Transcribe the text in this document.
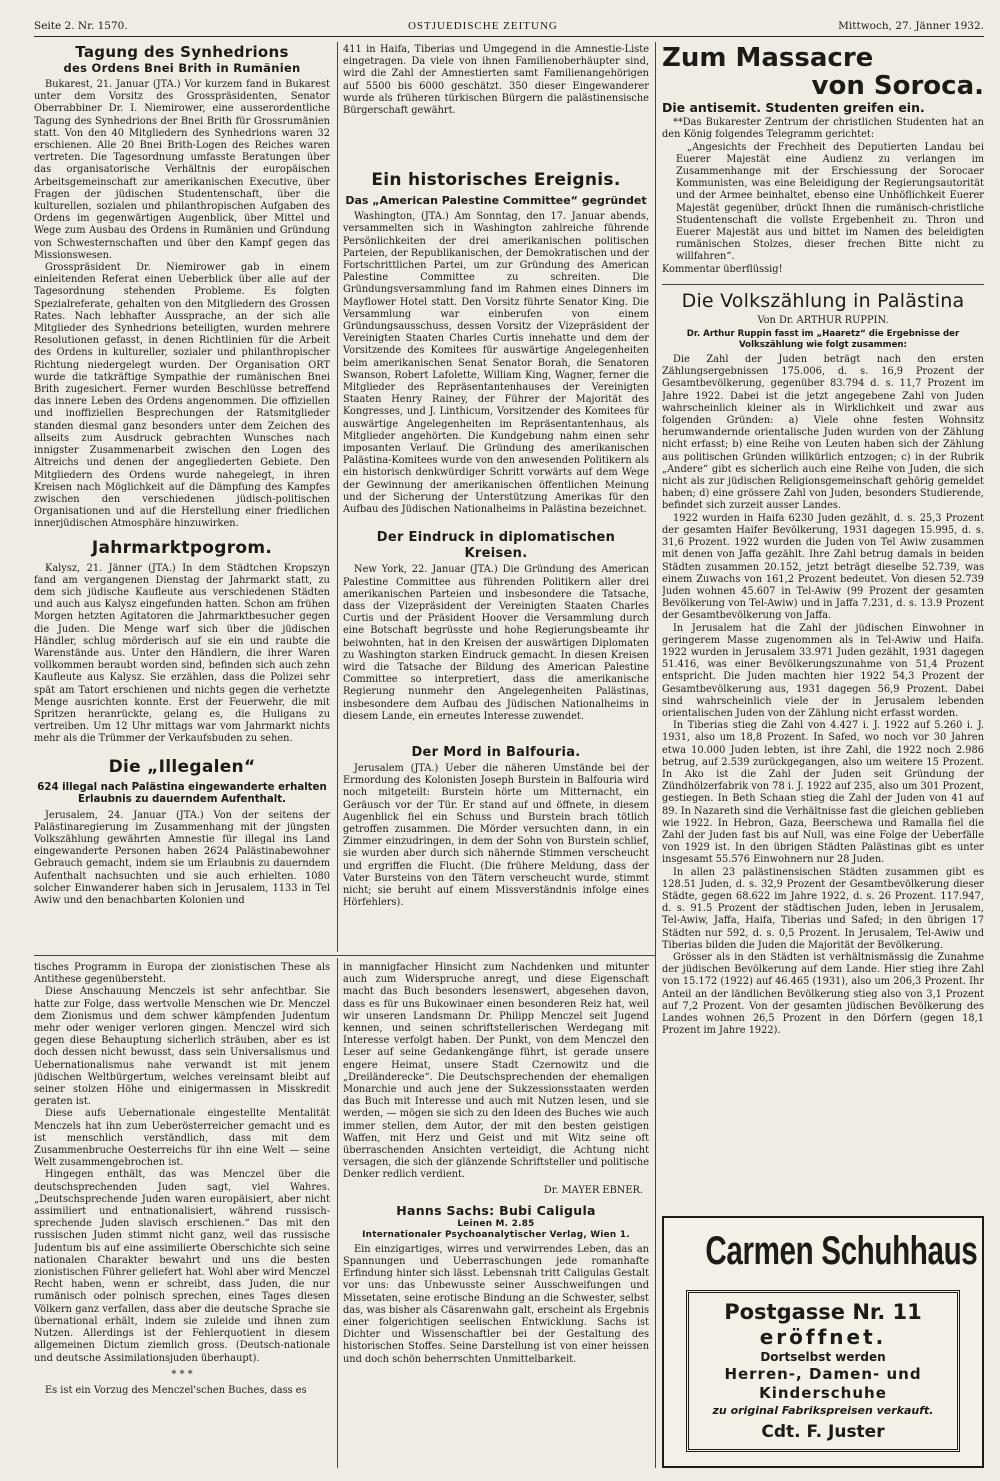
Seite 2. Nr. 1570.	OSTJUEDISCHE ZEITUNG	Mittwoch, 27. Jänner 1932.
Tagung des Synhedrions
des Ordens Bnei Brith in Rumänien

Bukarest, 21. Januar (JTA.) Vor kurzem fand in Bukarest unter dem Vorsitz des Grosspräsidenten, Senator Oberrabbiner Dr. I. Niemirower, eine ausserordentliche Tagung des Synhedrions der Bnei Brith für Grossrumänien statt. Von den 40 Mitgliedern des Synhedrions waren 32 erschienen. Alle 20 Bnei Brith-Logen des Reiches waren vertreten. Die Tagesordnung umfasste Beratungen über das organisatorische Verhältnis der europäischen Arbeitsgemeinschaft zur amerikanischen Executive, über Fragen der jüdischen Studentenschaft, über die kulturellen, sozialen und philanthropischen Aufgaben des Ordens im gegenwärtigen Augenblick, über Mittel und Wege zum Ausbau des Ordens in Rumänien und Gründung von Schwesternschaften und über den Kampf gegen das Missionswesen.

Grosspräsident Dr. Niemirower gab in einem einleitenden Referat einen Ueberblick über alle auf der Tagesordnung stehenden Probleme. Es folgten Spezialreferate, gehalten von den Mitgliedern des Grossen Rates. Nach lebhafter Aussprache, an der sich alle Mitglieder des Synhedrions beteiligten, wurden mehrere Resolutionen gefasst, in denen Richtlinien für die Arbeit des Ordens in kultureller, sozialer und philanthropischer Richtung niedergelegt wurden. Der Organisation ORT wurde die tatkräftige Sympathie der rumänischen Bnei Brith zugesichert. Ferner wurden Beschlüsse betreffend das innere Leben des Ordens angenommen. Die offiziellen und inoffiziellen Besprechungen der Ratsmitglieder standen diesmal ganz besonders unter dem Zeichen des allseits zum Ausdruck gebrachten Wunsches nach innigster Zusammenarbeit zwischen den Logen des Altreichs und denen der angegliederten Gebiete. Den Mitgliedern des Ordens wurde nahegelegt, in ihren Kreisen nach Möglichkeit auf die Dämpfung des Kampfes zwischen den verschiedenen jüdisch-politischen Organisationen und auf die Herstellung einer friedlichen innerjüdischen Atmosphäre hinzuwirken.

Jahrmarktpogrom.

Kalysz, 21. Jänner (JTA.) In dem Städtchen Kropszyn fand am vergangenen Dienstag der Jahrmarkt statt, zu dem sich jüdische Kaufleute aus verschiedenen Städten und auch aus Kalysz eingefunden hatten. Schon am frühen Morgen hetzten Agitatoren die Jahrmarktbesucher gegen die Juden. Die Menge warf sich über die jüdischen Händler, schlug mörderisch auf sie ein und raubte die Warenstände aus. Unter den Händlern, die ihrer Waren vollkommen beraubt worden sind, befinden sich auch zehn Kaufleute aus Kalysz. Sie erzählen, dass die Polizei sehr spät am Tatort erschienen und nichts gegen die verhetzte Menge ausrichten konnte. Erst der Feuerwehr, die mit Spritzen heranrückte, gelang es, die Huligans zu vertreiben. Um 12 Uhr mittags war vom Jahrmarkt nichts mehr als die Trümmer der Verkaufsbuden zu sehen.

Die „Illegalen“
624 illegal nach Palästina eingewanderte erhalten Erlaubnis zu dauerndem Aufenthalt.

Jerusalem, 24. Januar (JTA.) Von der seitens der Palästinaregierung im Zusammenhang mit der jüngsten Volkszählung gewährten Amnestie für illegal ins Land eingewanderte Personen haben 2624 Palästinabewohner Gebrauch gemacht, indem sie um Erlaubnis zu dauerndem Aufenthalt nachsuchten und sie auch erhielten. 1080 solcher Einwanderer haben sich in Jerusalem, 1133 in Tel Awiw und den benachbarten Kolonien und

411 in Haifa, Tiberias und Umgegend in die Amnestie-Liste eingetragen. Da viele von ihnen Familienoberhäupter sind, wird die Zahl der Amnestierten samt Familienangehörigen auf 5500 bis 6000 geschätzt. 350 dieser Eingewanderer wurde als früheren türkischen Bürgern die palästinensische Bürgerschaft gewährt.

Ein historisches Ereignis.
Das „American Palestine Committee“ gegründet

Washington, (JTA.) Am Sonntag, den 17. Januar abends, versammelten sich in Washington zahlreiche führende Persönlichkeiten der drei amerikanischen politischen Parteien, der Republikanischen, der Demokratischen und der Fortschrittlichen Partei, um zur Gründung des American Palestine Committee zu schreiten. Die Gründungsversammlung fand im Rahmen eines Dinners im Mayflower Hotel statt. Den Vorsitz führte Senator King. Die Versammlung war einberufen von einem Gründungsausschuss, dessen Vorsitz der Vizepräsident der Vereinigten Staaten Charles Curtis innehatte und dem der Vorsitzende des Komitees für auswärtige Angelegenheiten beim amerikanischen Senat Senator Borah, die Senatoren Swanson, Robert Lafolette, William King, Wagner, ferner die Mitglieder des Repräsentantenhauses der Vereinigten Staaten Henry Rainey, der Führer der Majorität des Kongresses, und J. Linthicum, Vorsitzender des Komitees für auswärtige Angelegenheiten im Repräsentantenhaus, als Mitglieder angehörten. Die Kundgebung nahm einen sehr imposanten Verlauf. Die Gründung des amerikanischen Palästina-Komitees wurde von den anwesenden Politikern als ein historisch denkwürdiger Schritt vorwärts auf dem Wege der Gewinnung der amerikanischen öffentlichen Meinung und der Sicherung der Unterstützung Amerikas für den Aufbau des Jüdischen Nationalheims in Palästina bezeichnet.

Der Eindruck in diplomatischen Kreisen.

New York, 22. Januar (JTA.) Die Gründung des American Palestine Committee aus führenden Politikern aller drei amerikanischen Parteien und insbesondere die Tatsache, dass der Vizepräsident der Vereinigten Staaten Charles Curtis und der Präsident Hoover die Versammlung durch eine Botschaft begrüsste und hohe Regierungsbeamte ihr beiwohnten, hat in den Kreisen der auswärtigen Diplomaten zu Washington starken Eindruck gemacht. In diesen Kreisen wird die Tatsache der Bildung des American Palestine Committee so interpretiert, dass die amerikanische Regierung nunmehr den Angelegenheiten Palästinas, insbesondere dem Aufbau des Jüdischen Nationalheims in diesem Lande, ein erneutes Interesse zuwendet.

Der Mord in Balfouria.

Jerusalem (JTA.) Ueber die näheren Umstände bei der Ermordung des Kolonisten Joseph Burstein in Balfouria wird noch mitgeteilt: Burstein hörte um Mitternacht, ein Geräusch vor der Tür. Er stand auf und öffnete, in diesem Augenblick fiel ein Schuss und Burstein brach tötlich getroffen zusammen. Die Mörder versuchten dann, in ein Zimmer einzudringen, in dem der Sohn von Burstein schlief, sie wurden aber durch sich nähernde Stimmen verscheucht und ergriffen die Flucht. (Die frühere Meldung, dass der Vater Bursteins von den Tätern verscheucht wurde, stimmt nicht; sie beruht auf einem Missverständnis infolge eines Hörfehlers).

Zum Massacre
von Soroca.
Die antisemit. Studenten greifen ein.

**Das Bukarester Zentrum der christlichen Studenten hat an den König folgendes Telegramm gerichtet:

„Angesichts der Frechheit des Deputierten Landau bei Euerer Majestät eine Audienz zu verlangen im Zusammenhange mit der Erschiessung der Sorocaer Kommunisten, was eine Beleidigung der Regierungsautorität und der Armee beinhaltet, ebenso eine Unhöflichkeit Euerer Majestät gegenüber, drückt Ihnen die rumänisch-christliche Studentenschaft die vollste Ergebenheit zu. Thron und Euerer Majestät aus und bittet im Namen des beleidigten rumänischen Stolzes, dieser frechen Bitte nicht zu willfahren“.

Kommentar überflüssig!

Die Volkszählung in Palästina
Von Dr. ARTHUR RUPPIN.
Dr. Arthur Ruppin fasst im „Haaretz“ die Ergebnisse der Volkszählung wie folgt zusammen:

Die Zahl der Juden beträgt nach den ersten Zählungsergebnissen 175.006, d. s. 16,9 Prozent der Gesamtbevölkerung, gegenüber 83.794 d. s. 11,7 Prozent im Jahre 1922. Dabei ist die jetzt angegebene Zahl von Juden wahrscheinlich kleiner als in Wirklichkeit und zwar aus folgenden Gründen: a) Viele ohne festen Wohnsitz herumwandernde orientalische Juden wurden von der Zählung nicht erfasst; b) eine Reihe von Leuten haben sich der Zählung aus politischen Gründen willkürlich entzogen; c) in der Rubrik „Andere“ gibt es sicherlich auch eine Reihe von Juden, die sich nicht als zur jüdischen Religionsgemeinschaft gehörig gemeldet haben; d) eine grössere Zahl von Juden, besonders Studierende, befindet sich zurzeit ausser Landes.

1922 wurden in Haifa 6230 Juden gezählt, d. s. 25,3 Prozent der gesamten Haifer Bevölkerung, 1931 dagegen 15.995, d. s. 31,6 Prozent. 1922 wurden die Juden von Tel Awiw zusammen mit denen von Jaffa gezählt. Ihre Zahl betrug damals in beiden Städten zusammen 20.152, jetzt beträgt dieselbe 52.739, was einem Zuwachs von 161,2 Prozent bedeutet. Von diesen 52.739 Juden wohnen 45.607 in Tel-Awiw (99 Prozent der gesamten Bevölkerung von Tel-Awiw) und in Jaffa 7.231, d. s. 13.9 Prozent der Gesamtbevölkerung von Jaffa.

In Jerusalem hat die Zahl der jüdischen Einwohner in geringerem Masse zugenommen als in Tel-Awiw und Haifa. 1922 wurden in Jerusalem 33.971 Juden gezählt, 1931 dagegen 51.416, was einer Bevölkerungszunahme von 51,4 Prozent entspricht. Die Juden machten hier 1922 54,3 Prozent der Gesamtbevölkerung aus, 1931 dagegen 56,9 Prozent. Dabei sind wahrscheinlich viele der in Jerusalem lebenden orientalischen Juden von der Zählung nicht erfasst worden.

In Tiberias stieg die Zahl von 4.427 i. J. 1922 auf 5.260 i. J. 1931, also um 18,8 Prozent. In Safed, wo noch vor 30 Jahren etwa 10.000 Juden lebten, ist ihre Zahl, die 1922 noch 2.986 betrug, auf 2.539 zurückgegangen, also um weitere 15 Prozent. In Ako ist die Zahl der Juden seit Gründung der Zündhölzerfabrik von 78 i. J. 1922 auf 235, also um 301 Prozent, gestiegen. In Beth Schaan stieg die Zahl der Juden von 41 auf 89. In Nazareth sind die Verhältnisse fast die gleichen geblieben wie 1922. In Hebron, Gaza, Beerschewa und Ramalla fiel die Zahl der Juden fast bis auf Null, was eine Folge der Ueberfälle von 1929 ist. In den übrigen Städten Palästinas gibt es unter insgesamt 55.576 Einwohnern nur 28 Juden.

In allen 23 palästinensischen Städten zusammen gibt es 128.51 Juden, d. s. 32,9 Prozent der Gesamtbevölkerung dieser Städte, gegen 68.622 im Jahre 1922, d. s. 26 Prozent. 117.947, d. s. 91.5 Prozent der städtischen Juden, leben in Jerusalem, Tel-Awiw, Jaffa, Haifa, Tiberias und Safed; in den übrigen 17 Städten nur 592, d. s. 0,5 Prozent. In Jerusalem, Tel-Awiw und Tiberias bilden die Juden die Majorität der Bevölkerung.

Grösser als in den Städten ist verhältnismässig die Zunahme der jüdischen Bevölkerung auf dem Lande. Hier stieg ihre Zahl von 15.172 (1922) auf 46.465 (1931), also um 206,3 Prozent. Ihr Anteil an der ländlichen Bevölkerung stieg also von 3,1 Prozent auf 7,2 Prozent. Von der gesamten jüdischen Bevölkerung des Landes wohnen 26,5 Prozent in den Dörfern (gegen 18,1 Prozent im Jahre 1922).

tisches Programm in Europa der zionistischen These als Antithese gegenübersteht.

Diese Anschauung Menczels ist sehr anfechtbar. Sie hatte zur Folge, dass wertvolle Menschen wie Dr. Menczel dem Zionismus und dem schwer kämpfenden Judentum mehr oder weniger verloren gingen. Menczel wird sich gegen diese Behauptung sicherlich sträuben, aber es ist doch dessen nicht bewusst, dass sein Universalismus und Uebernationalismus nahe verwandt ist mit jenem jüdischen Weltbürgertum, welches vereinsamt bleibt auf seiner stolzen Höhe und einigermassen in Misskredit geraten ist.

Diese aufs Uebernationale eingestellte Mentalität Menczels hat ihn zum Ueberösterreicher gemacht und es ist menschlich verständlich, dass mit dem Zusammenbruche Oesterreichs für ihn eine Welt — seine Welt zusammengebrochen ist.

Hingegen enthält, das was Menczel über die deutschsprechenden Juden sagt, viel Wahres. „Deutschsprechende Juden waren europäisiert, aber nicht assimiliert und entnationalisiert, während russisch-sprechende Juden slavisch erschienen.“ Das mit den russischen Juden stimmt nicht ganz, weil das russische Judentum bis auf eine assimilierte Oberschichte sich seine nationalen Charakter bewahrt und uns die besten zionistischen Führer geliefert hat. Wohl aber wird Menczel Recht haben, wenn er schreibt, dass Juden, die nur rumänisch oder polnisch sprechen, eines Tages diesen Völkern ganz verfallen, dass aber die deutsche Sprache sie übernational erhält, indem sie zuleide und ihnen zum Nutzen. Allerdings ist der Fehlerquotient in diesem allgemeinen Dictum ziemlich gross. (Deutsch-nationale und deutsche Assimilationsjuden überhaupt).

* * *

Es ist ein Vorzug des Menczel'schen Buches, dass es

in mannigfacher Hinsicht zum Nachdenken und mitunter auch zum Widerspruche anregt, und diese Eigenschaft macht das Buch besonders lesenswert, abgesehen davon, dass es für uns Bukowinaer einen besonderen Reiz hat, weil wir unseren Landsmann Dr. Philipp Menczel seit Jugend kennen, und seinen schriftstellerischen Werdegang mit Interesse verfolgt haben. Der Punkt, von dem Menczel den Leser auf seine Gedankengänge führt, ist gerade unsere engere Heimat, unsere Stadt Czernowitz und die „Dreiländerecke“. Die Deutschsprechenden der ehemaligen Monarchie und auch jene der Sukzessionsstaaten werden das Buch mit Interesse und auch mit Nutzen lesen, und sie werden, — mögen sie sich zu den Ideen des Buches wie auch immer stellen, dem Autor, der mit den besten geistigen Waffen, mit Herz und Geist und mit Witz seine oft überraschenden Ansichten verteidigt, die Achtung nicht versagen, die sich der glänzende Schriftsteller und politische Denker redlich verdient.

Dr. MAYER EBNER.
Hanns Sachs: Bubi Caligula
Leinen M. 2.85
Internationaler Psychoanalytischer Verlag, Wien 1.

Ein einzigartiges, wirres und verwirrendes Leben, das an Spannungen und Ueberraschungen jede romanhafte Erfindung hinter sich lässt. Lebensnah tritt Caligulas Gestalt vor uns: das Unbewusste seiner Ausschweifungen und Missetaten, seine erotische Bindung an die Schwester, selbst das, was bisher als Cäsarenwahn galt, erscheint als Ergebnis einer folgerichtigen seelischen Entwicklung. Sachs ist Dichter und Wissenschaftler bei der Gestaltung des historischen Stoffes. Seine Darstellung ist von einer heissen und doch schön beherrschten Unmittelbarkeit.

Carmen Schuhhaus
Postgasse Nr. 11
eröffnet.
Dortselbst werden
Herren-, Damen- und
Kinderschuhe
zu original Fabrikspreisen verkauft.
Cdt. F. Juster
